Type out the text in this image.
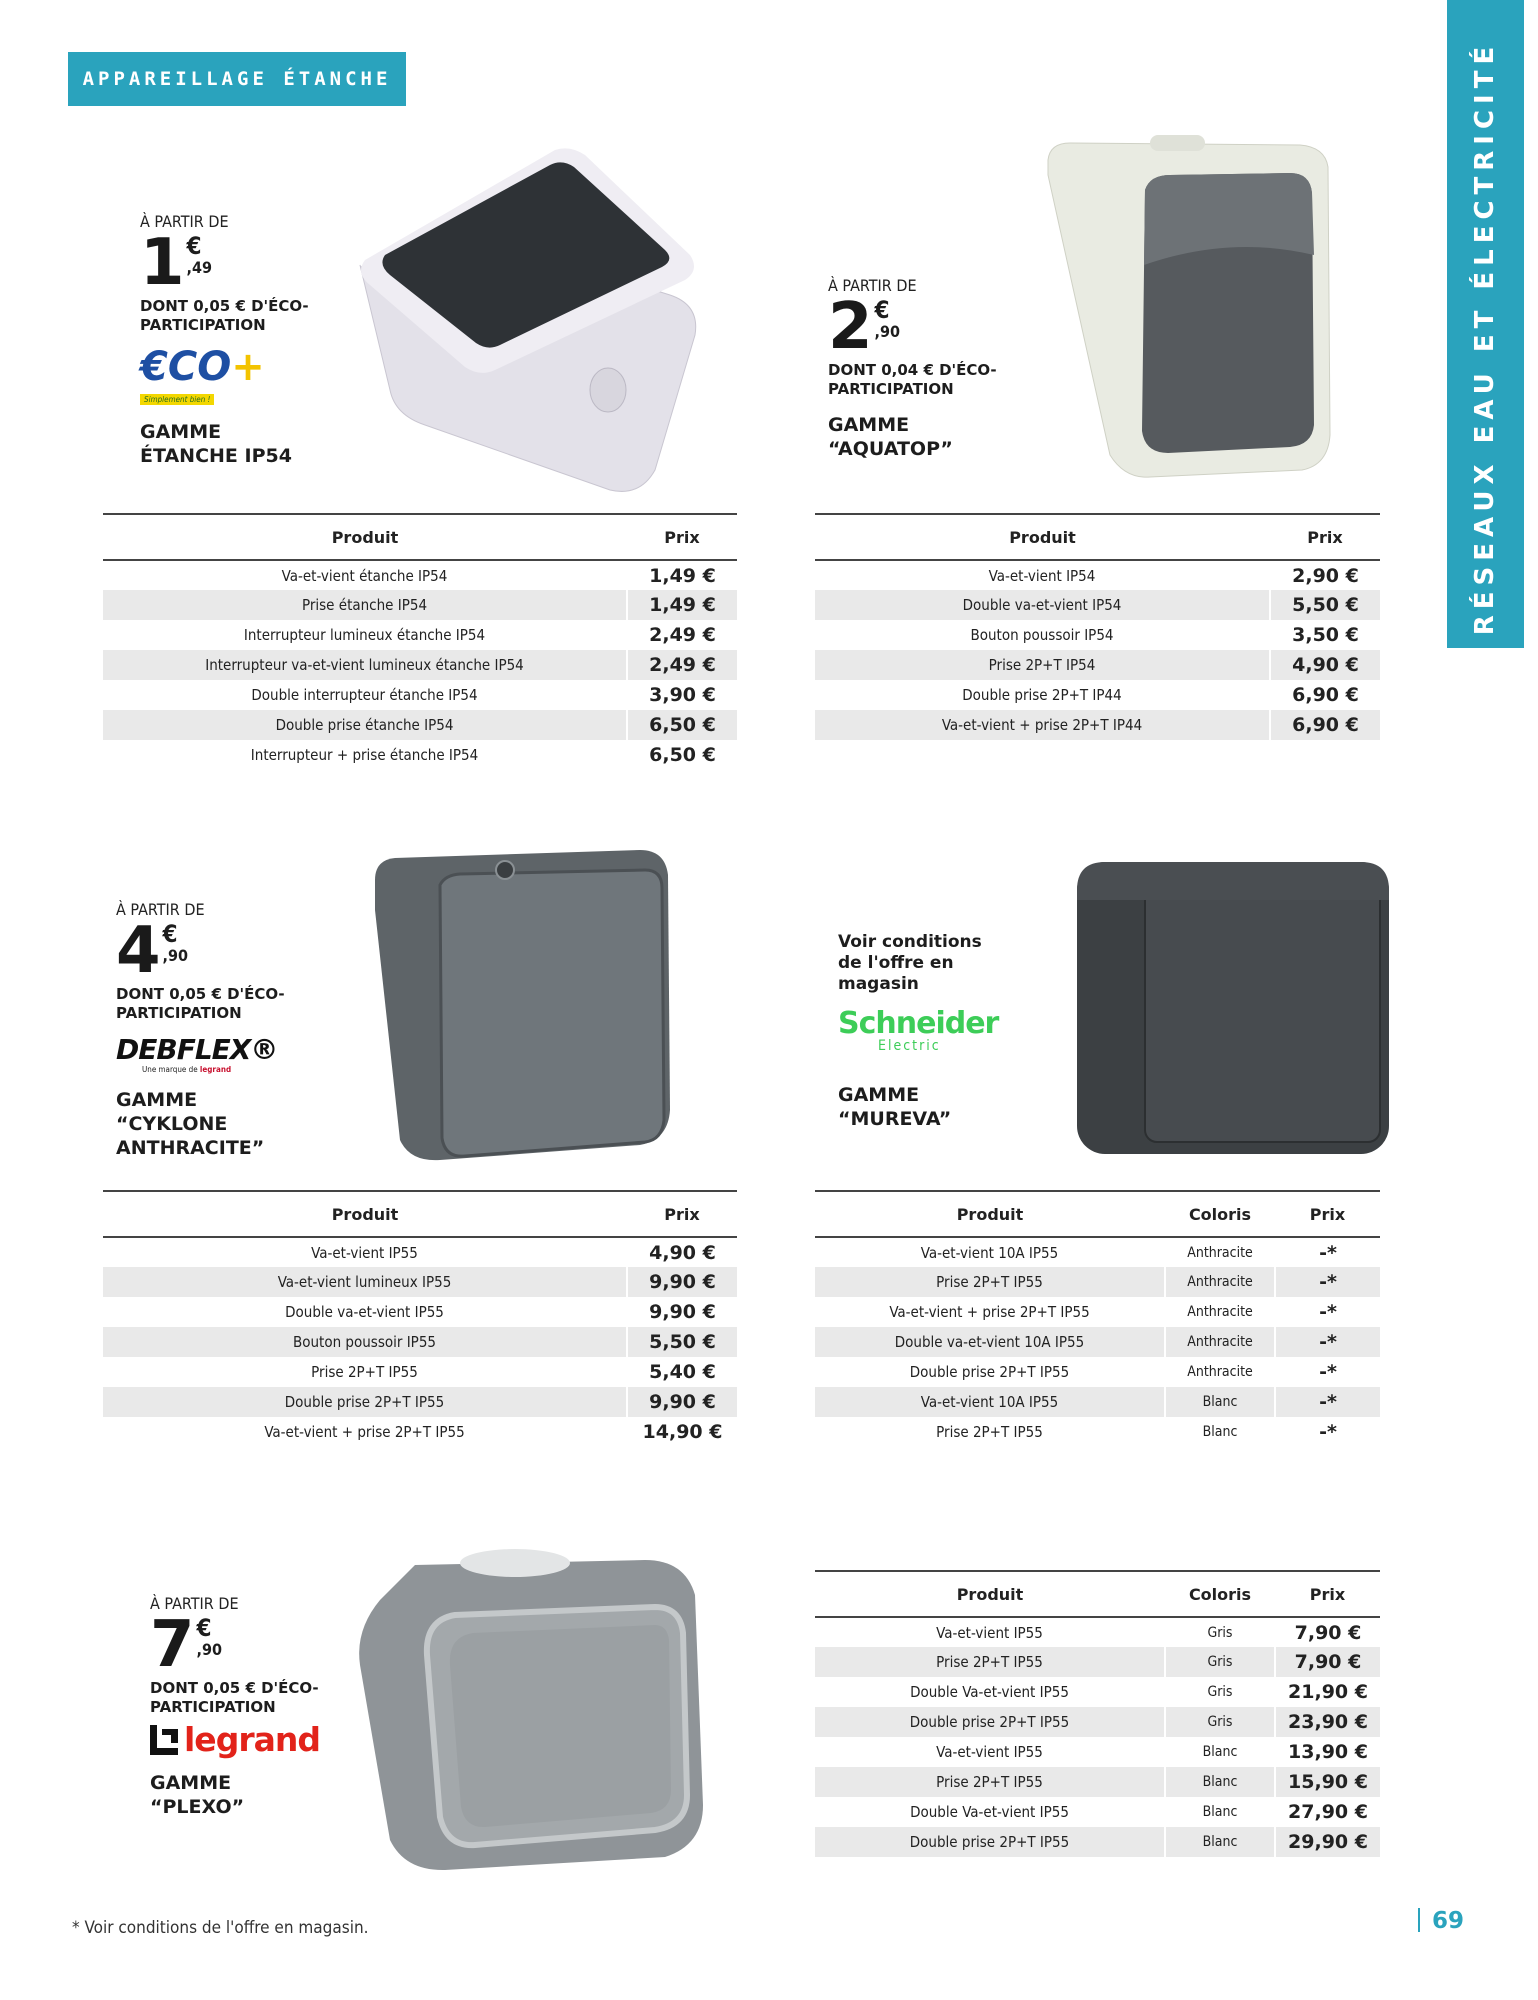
APPAREILLAGE ÉTANCHE	RÉSEAUX EAU ET ÉLECTRICITÉ
À PARTIR DE
1 €
,49
DONT 0,05 € D'ÉCO-PARTICIPATION
€CO+
Simplement bien !
GAMME ÉTANCHE IP54
Produit	Prix
Va-et-vient étanche IP54	1,49 €
Prise étanche IP54	1,49 €
Interrupteur lumineux étanche IP54	2,49 €
Interrupteur va-et-vient lumineux étanche IP54	2,49 €
Double interrupteur étanche IP54	3,90 €
Double prise étanche IP54	6,50 €
Interrupteur + prise étanche IP54	6,50 €
À PARTIR DE
2 €
,90
DONT 0,04 € D'ÉCO-PARTICIPATION
GAMME “AQUATOP”
Produit	Prix
Va-et-vient IP54	2,90 €
Double va-et-vient IP54	5,50 €
Bouton poussoir IP54	3,50 €
Prise 2P+T IP54	4,90 €
Double prise 2P+T IP44	6,90 €
Va-et-vient + prise 2P+T IP44	6,90 €
À PARTIR DE
4 €
,90
DONT 0,05 € D'ÉCO-PARTICIPATION
DEBFLEX®
Une marque de legrand
GAMME “CYKLONE ANTHRACITE”
Produit	Prix
Va-et-vient IP55	4,90 €
Va-et-vient lumineux IP55	9,90 €
Double va-et-vient IP55	9,90 €
Bouton poussoir IP55	5,50 €
Prise 2P+T IP55	5,40 €
Double prise 2P+T IP55	9,90 €
Va-et-vient + prise 2P+T IP55	14,90 €
Voir conditions de l'offre en magasin
Schneider
Electric
GAMME “MUREVA”
Produit	Coloris	Prix
Va-et-vient 10A IP55	Anthracite	-*
Prise 2P+T IP55	Anthracite	-*
Va-et-vient + prise 2P+T IP55	Anthracite	-*
Double va-et-vient 10A IP55	Anthracite	-*
Double prise 2P+T IP55	Anthracite	-*
Va-et-vient 10A IP55	Blanc	-*
Prise 2P+T IP55	Blanc	-*
À PARTIR DE
7 €
,90
DONT 0,05 € D'ÉCO-PARTICIPATION
legrand
GAMME “PLEXO”
Produit	Coloris	Prix
Va-et-vient IP55	Gris	7,90 €
Prise 2P+T IP55	Gris	7,90 €
Double Va-et-vient IP55	Gris	21,90 €
Double prise 2P+T IP55	Gris	23,90 €
Va-et-vient IP55	Blanc	13,90 €
Prise 2P+T IP55	Blanc	15,90 €
Double Va-et-vient IP55	Blanc	27,90 €
Double prise 2P+T IP55	Blanc	29,90 €
* Voir conditions de l'offre en magasin.	69
